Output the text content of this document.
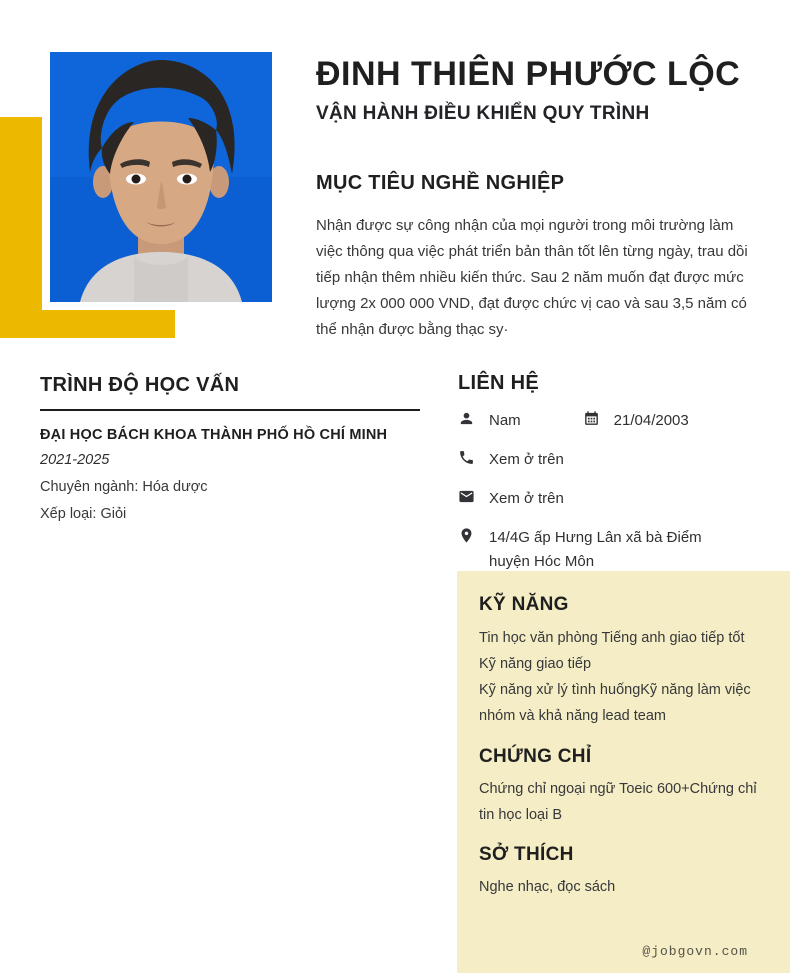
ĐINH THIÊN PHƯỚC LỘC
VẬN HÀNH ĐIỀU KHIỂN QUY TRÌNH
MỤC TIÊU NGHỀ NGHIỆP
Nhận được sự công nhận của mọi người trong môi trường làm việc thông qua việc phát triển bản thân tốt lên từng ngày, trau dồi tiếp nhận thêm nhiều kiến thức. Sau 2 năm muốn đạt được mức lượng 2x 000 000 VND, đạt được chức vị cao và sau 3,5 năm có thể nhận được bằng thạc sy·
TRÌNH ĐỘ HỌC VẤN
ĐẠI HỌC BÁCH KHOA THÀNH PHỐ HỒ CHÍ MINH
2021-2025
Chuyên ngành: Hóa dược
Xếp loại: Giỏi
LIÊN HỆ
Nam	21/04/2003
Xem ở trên
Xem ở trên
14/4G ấp Hưng Lân xã bà Điểm huyện Hóc Môn
KỸ NĂNG
Tin học văn phòng Tiếng anh giao tiếp tốt
Kỹ năng giao tiếp
Kỹ năng xử lý tình huốngKỹ năng làm việc nhóm và khả năng lead team
CHỨNG CHỈ
Chứng chỉ ngoại ngữ Toeic 600+Chứng chỉ tin học loại B
SỞ THÍCH
Nghe nhạc, đọc sách
@jobgovn.com
